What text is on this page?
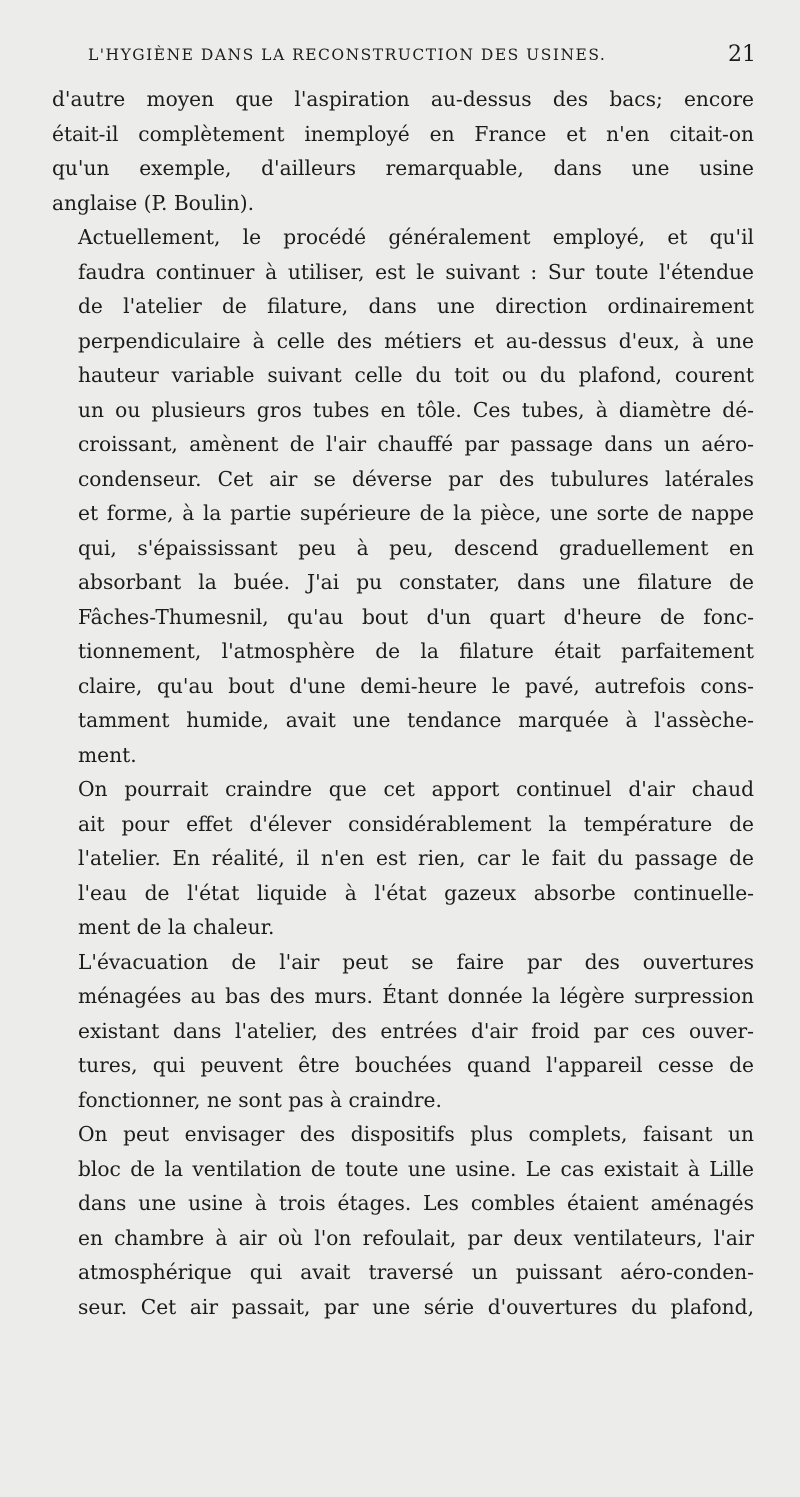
L'HYGIÈNE DANS LA RECONSTRUCTION DES USINES.	21

d'autre moyen que l'aspiration au-dessus des bacs; encore
était-il complètement inemployé en France et n'en citait-on
qu'un exemple, d'ailleurs remarquable, dans une usine
anglaise (P. Boulin).

Actuellement, le procédé généralement employé, et qu'il
faudra continuer à utiliser, est le suivant : Sur toute l'étendue
de l'atelier de filature, dans une direction ordinairement
perpendiculaire à celle des métiers et au-dessus d'eux, à une
hauteur variable suivant celle du toit ou du plafond, courent
un ou plusieurs gros tubes en tôle. Ces tubes, à diamètre dé-
croissant, amènent de l'air chauffé par passage dans un aéro-
condenseur. Cet air se déverse par des tubulures latérales
et forme, à la partie supérieure de la pièce, une sorte de nappe
qui, s'épaississant peu à peu, descend graduellement en
absorbant la buée. J'ai pu constater, dans une filature de
Fâches-Thumesnil, qu'au bout d'un quart d'heure de fonc-
tionnement, l'atmosphère de la filature était parfaitement
claire, qu'au bout d'une demi-heure le pavé, autrefois cons-
tamment humide, avait une tendance marquée à l'assèche-
ment.

On pourrait craindre que cet apport continuel d'air chaud
ait pour effet d'élever considérablement la température de
l'atelier. En réalité, il n'en est rien, car le fait du passage de
l'eau de l'état liquide à l'état gazeux absorbe continuelle-
ment de la chaleur.

L'évacuation de l'air peut se faire par des ouvertures
ménagées au bas des murs. Étant donnée la légère surpression
existant dans l'atelier, des entrées d'air froid par ces ouver-
tures, qui peuvent être bouchées quand l'appareil cesse de
fonctionner, ne sont pas à craindre.

On peut envisager des dispositifs plus complets, faisant un
bloc de la ventilation de toute une usine. Le cas existait à Lille
dans une usine à trois étages. Les combles étaient aménagés
en chambre à air où l'on refoulait, par deux ventilateurs, l'air
atmosphérique qui avait traversé un puissant aéro-conden-
seur. Cet air passait, par une série d'ouvertures du plafond,
